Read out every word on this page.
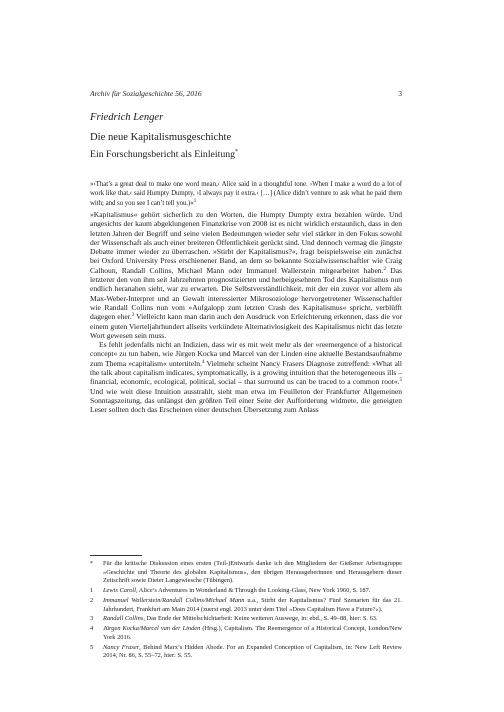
Archiv für Sozialgeschichte 56, 2016	3
Friedrich Lenger
Die neue Kapitalismusgeschichte
Ein Forschungsbericht als Einleitung*
»›That’s a great deal to make one word mean,‹ Alice said in a thoughtful tone. ›When I make a word do a lot of work like that,‹ said Humpty Dumpty, ›I always pay it extra.‹ […] (Alice didn’t venture to ask what he paid them with; and so you see I can’t tell you.)«$^1$

»Kapitalismus« gehört sicherlich zu den Worten, die Humpty Dumpty extra bezahlen würde. Und angesichts der kaum abgeklungenen Finanzkrise von 2008 ist es nicht wirklich erstaunlich, dass in den letzten Jahren der Begriff und seine vielen Bedeutungen wieder sehr viel stärker in den Fokus sowohl der Wissenschaft als auch einer breiteren Öffentlichkeit gerückt sind. Und dennoch vermag die jüngste Debatte immer wieder zu überraschen. »Stirbt der Kapitalismus?«, fragt beispielsweise ein zunächst bei Oxford University Press erschienener Band, an dem so bekannte Sozialwissenschaftler wie Craig Calhoun, Randall Collins, Michael Mann oder Immanuel Wallerstein mitgearbeitet haben.$^2$ Das letzterer den von ihm seit Jahrzehnten prognostizierten und herbeigesehnten Tod des Kapitalismus nun endlich heranahen sieht, war zu erwarten. Die Selbstverständlichkeit, mit der ein zuvor vor allem als Max-Weber-Interpret und an Gewalt interessierter Mikrosoziologe hervorgetretener Wissenschaftler wie Randall Collins nun vom »Aufgalopp zum letzten Crash des Kapitalismus« spricht, verblüfft dagegen eher.$^3$ Vielleicht kann man darin auch den Ausdruck von Erleichterung erkennen, dass die vor einem guten Vierteljahrhundert allseits verkündete Alternativlosigkeit des Kapitalismus nicht das letzte Wort gewesen sein muss.

Es fehlt jedenfalls nicht an Indizien, dass wir es mit weit mehr als der »reemergence of a historical concept« zu tun haben, wie Jürgen Kocka und Marcel van der Linden eine aktuelle Bestandsaufnahme zum Thema »capitalism« untertiteln.$^4$ Vielmehr scheint Nancy Frasers Diagnose zutreffend: »What all the talk about capitalism indicates, symptomatically, is a growing intuition that the heterogeneous ills – financial, economic, ecological, political, social – that surround us can be traced to a common root«.$^5$ Und wie weit diese Intuition ausstrahlt, sieht man etwa im Feuilleton der Frankfurter Allgemeinen Sonntagszeitung, das unlängst den größten Teil einer Seite der Aufforderung widmete, die geneigten Leser sollten doch das Erscheinen einer deutschen Übersetzung zum Anlass

* Für die kritische Diskussion eines ersten (Teil-)Entwurfs danke ich den Mitgliedern der Gießener Arbeitsgruppe »Geschichte und Theorie des globalen Kapitalismus«, den übrigen Herausgeberinnen und Herausgebern dieser Zeitschrift sowie Dieter Langewiesche (Tübingen).
1 Lewis Caroll, Alice’s Adventures in Wonderland & Through the Looking-Glass, New York 1960, S. 187.
2 Immanuel Wallerstein/Randall Collins/Michael Mann u.a., Stirbt der Kapitalismus? Fünf Szenarien für das 21. Jahrhundert, Frankfurt am Main 2014 (zuerst engl. 2013 unter dem Titel »Does Capitalism Have a Future?«).
3 Randall Collins, Das Ende der Mittelschichtarbeit: Keine weiteren Auswege, in: ebd., S. 49–88, hier: S. 63.
4 Jürgen Kocka/Marcel van der Linden (Hrsg.), Capitalism. The Reemergence of a Historical Concept, London/New York 2016.
5 Nancy Fraser, Behind Marx’s Hidden Abode. For an Expanded Conception of Capitalism, in: New Left Review 2014, Nr. 86, S. 55–72, hier: S. 55.
